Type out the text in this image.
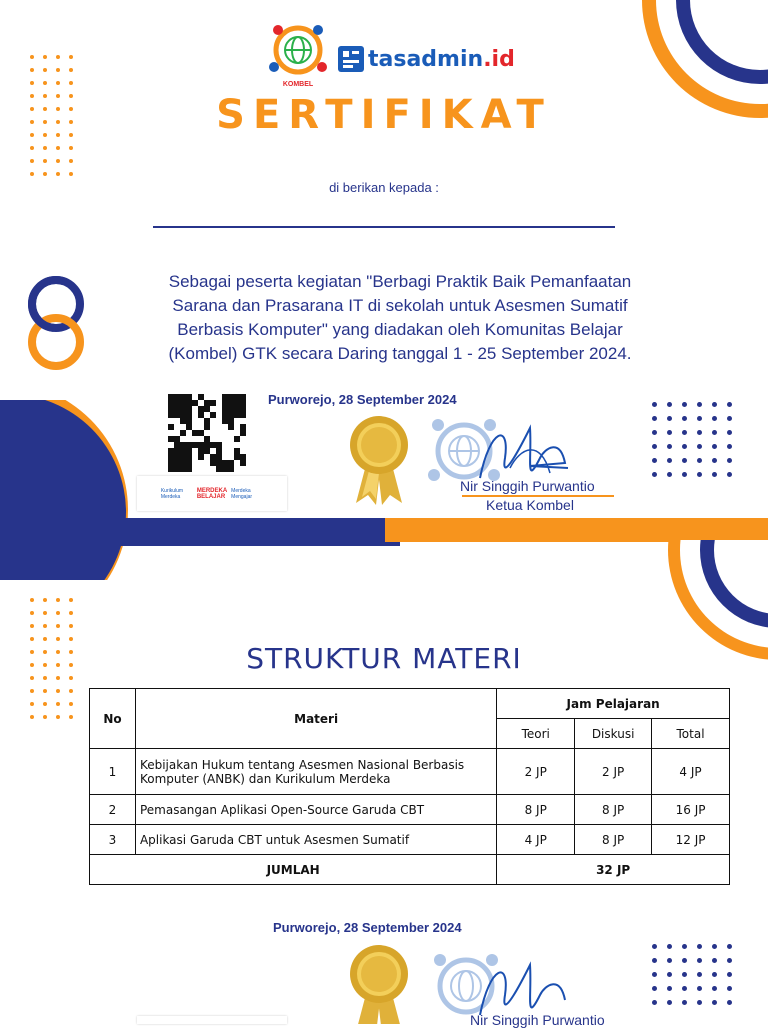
KOMBEL
tasadmin.id
SERTIFIKAT
di berikan kepada :
Sebagai peserta kegiatan "Berbagi Praktik Baik Pemanfaatan
Sarana dan Prasarana IT di sekolah untuk Asesmen Sumatif
Berbasis Komputer" yang diadakan oleh Komunitas Belajar
(Kombel) GTK secara Daring tanggal 1 - 25 September 2024.
Kurikulum Merdeka
MERDEKA
BELAJAR
Merdeka Mengajar
Purworejo, 28 September 2024
Nir Singgih Purwantio
Ketua Kombel
STRUKTUR MATERI
No	Materi	Jam Pelajaran		
		Teori	Diskusi	Total
1	Kebijakan Hukum tentang Asesmen Nasional Berbasis
Komputer (ANBK) dan Kurikulum Merdeka	2 JP	2 JP	4 JP
2	Pemasangan Aplikasi Open-Source Garuda CBT	8 JP	8 JP	16 JP
3	Aplikasi Garuda CBT untuk Asesmen Sumatif	4 JP	8 JP	12 JP
JUMLAH		32 JP		
Purworejo, 28 September 2024
Nir Singgih Purwantio
